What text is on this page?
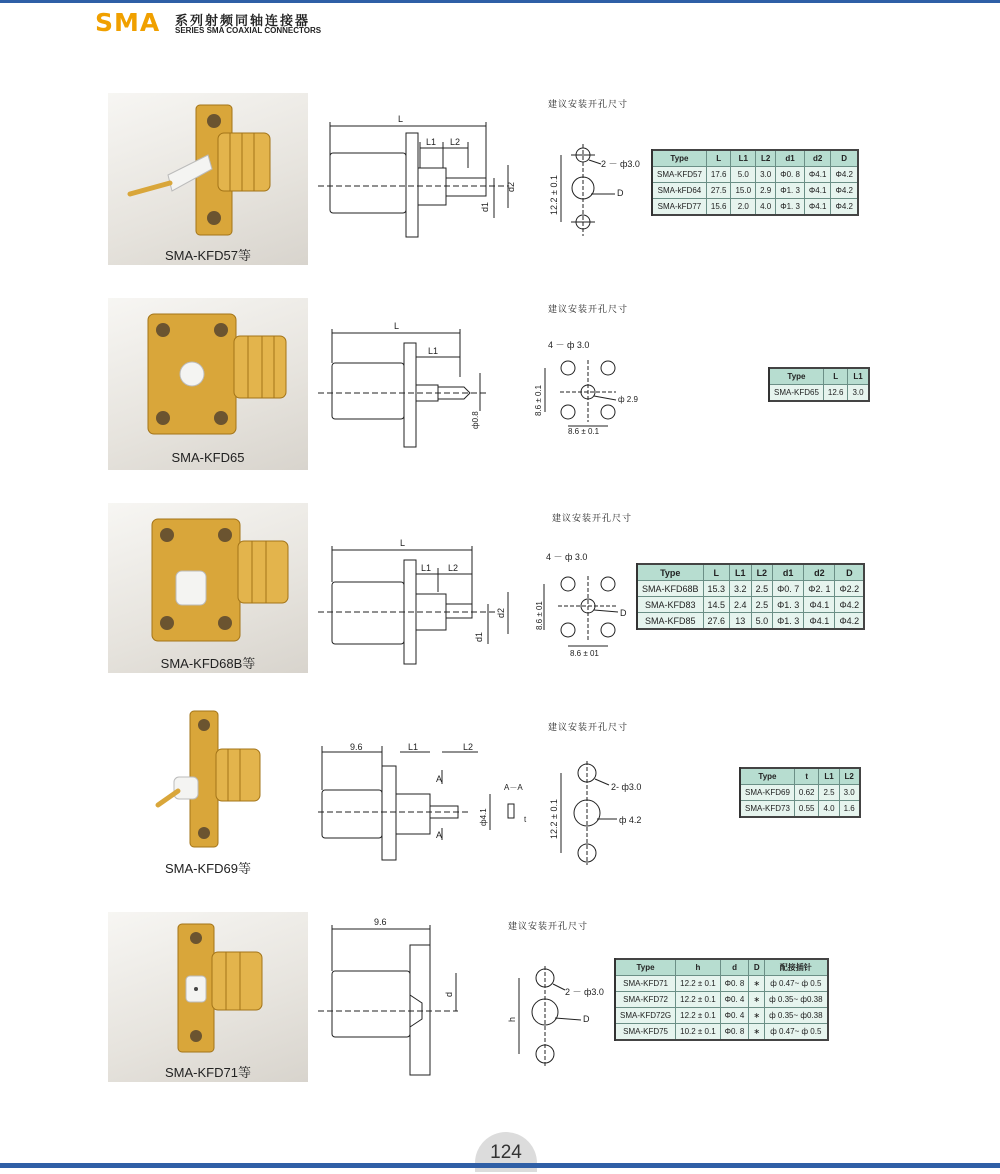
SMA 系列射频同轴连接器
SERIES SMA COAXIAL CONNECTORS
SMA-KFD57等
L
L1 L2
d1
d2
建议安装开孔尺寸
2 － ф3.0
D
12.2 ± 0.1
Type	L	L1	L2	d1	d2	D
SMA-KFD57	17.6	5.0	3.0	Φ0. 8	Φ4.1	Φ4.2
SMA-kFD64	27.5	15.0	2.9	Φ1. 3	Φ4.1	Φ4.2
SMA-kFD77	15.6	2.0	4.0	Φ1. 3	Φ4.1	Φ4.2
SMA-KFD65
L
L1
ф0.8
建议安装开孔尺寸
4 － ф 3.0
ф 2.9
8.6 ± 0.1
8.6 ± 0.1
Type	L	L1
SMA-KFD65	12.6	3.0
SMA-KFD68B等
L
L1 L2
d1
d2
建议安装开孔尺寸
4 － ф 3.0
D
8.6 ± 01
8.6 ± 01
Type	L	L1	L2	d1	d2	D
SMA-KFD68B	15.3	3.2	2.5	Φ0. 7	Φ2. 1	Φ2.2
SMA-KFD83	14.5	2.4	2.5	Φ1. 3	Φ4.1	Φ4.2
SMA-KFD85	27.6	13	5.0	Φ1. 3	Φ4.1	Φ4.2
SMA-KFD69等
9.6	L1	L2
A
A
A－A
ф4.1	t
建议安装开孔尺寸
2- ф3.0
ф 4.2
12.2 ± 0.1
Type	t	L1	L2
SMA-KFD69	0.62	2.5	3.0
SMA-KFD73	0.55	4.0	1.6
SMA-KFD71等
9.6
d
建议安装开孔尺寸
2 － ф3.0
D
h
Type	h	d	D	配接插针
SMA-KFD71	12.2 ± 0.1	Φ0. 8	∗	ф 0.47~ ф 0.5
SMA-KFD72	12.2 ± 0.1	Φ0. 4	∗	ф 0.35~ ф0.38
SMA-KFD72G	12.2 ± 0.1	Φ0. 4	∗	ф 0.35~ ф0.38
SMA-KFD75	10.2 ± 0.1	Φ0. 8	∗	ф 0.47~ ф 0.5
124
